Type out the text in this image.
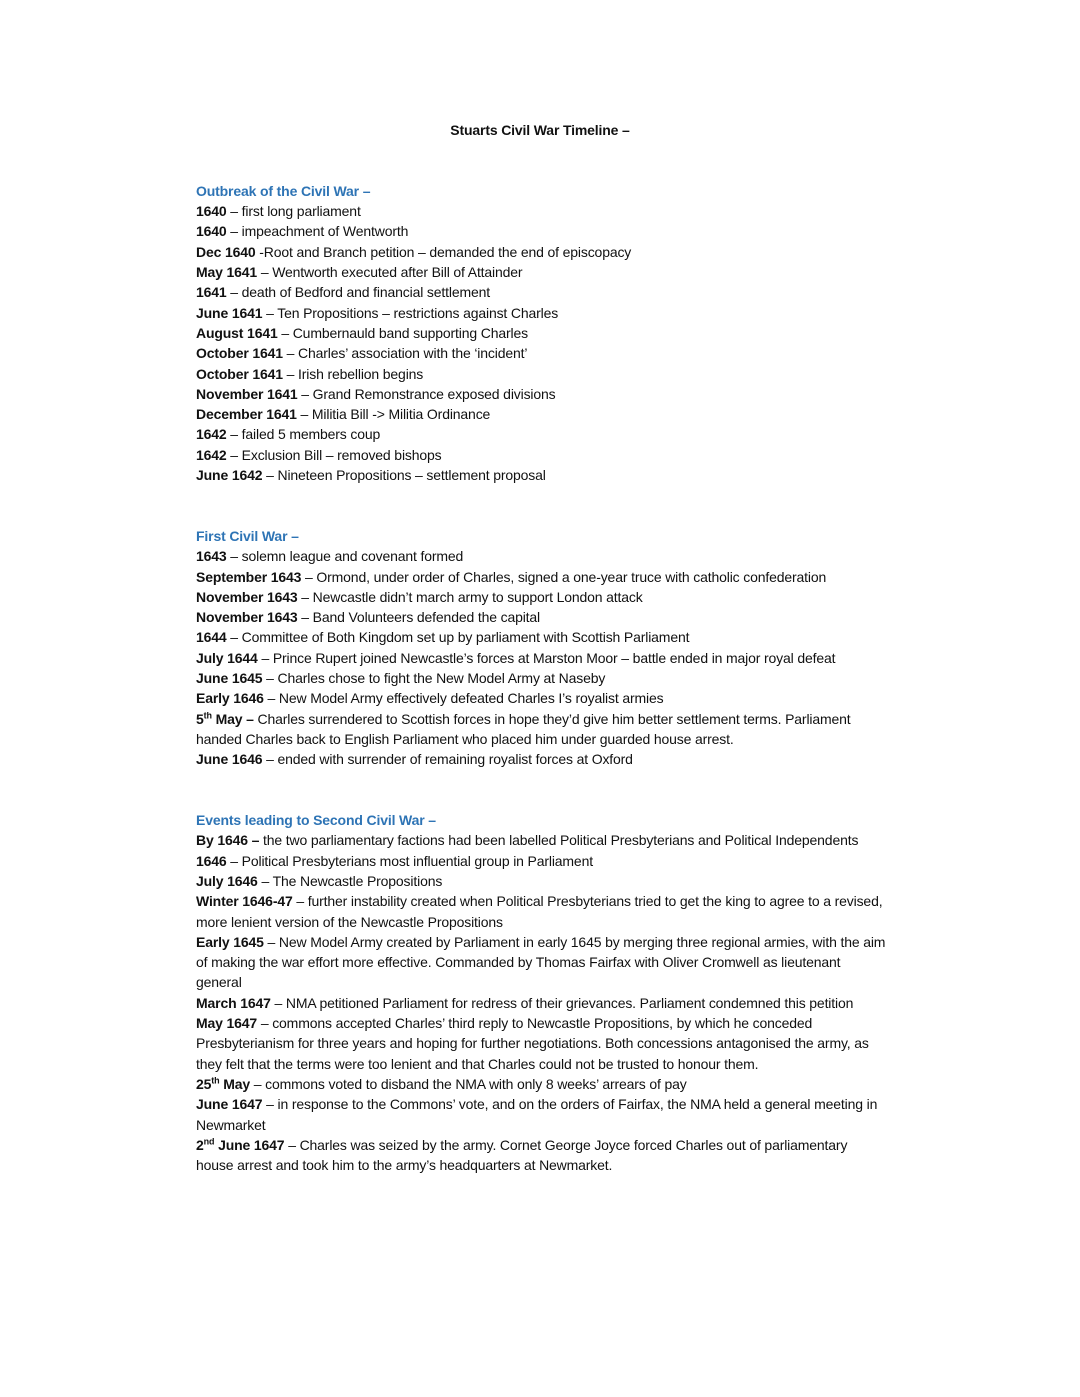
Stuarts Civil War Timeline –
Outbreak of the Civil War –
1640 – first long parliament
1640 – impeachment of Wentworth
Dec 1640 -Root and Branch petition – demanded the end of episcopacy
May 1641 – Wentworth executed after Bill of Attainder
1641 – death of Bedford and financial settlement
June 1641 – Ten Propositions – restrictions against Charles
August 1641 – Cumbernauld band supporting Charles
October 1641 – Charles’ association with the ‘incident’
October 1641 – Irish rebellion begins
November 1641 – Grand Remonstrance exposed divisions
December 1641 – Militia Bill -> Militia Ordinance
1642 – failed 5 members coup
1642 – Exclusion Bill – removed bishops
June 1642 – Nineteen Propositions – settlement proposal
First Civil War –
1643 – solemn league and covenant formed
September 1643 – Ormond, under order of Charles, signed a one-year truce with catholic confederation
November 1643 – Newcastle didn’t march army to support London attack
November 1643 – Band Volunteers defended the capital
1644 – Committee of Both Kingdom set up by parliament with Scottish Parliament
July 1644 – Prince Rupert joined Newcastle’s forces at Marston Moor – battle ended in major royal defeat
June 1645 – Charles chose to fight the New Model Army at Naseby
Early 1646 – New Model Army effectively defeated Charles I’s royalist armies
5th May – Charles surrendered to Scottish forces in hope they’d give him better settlement terms. Parliament handed Charles back to English Parliament who placed him under guarded house arrest.
June 1646 – ended with surrender of remaining royalist forces at Oxford
Events leading to Second Civil War –
By 1646 – the two parliamentary factions had been labelled Political Presbyterians and Political Independents
1646 – Political Presbyterians most influential group in Parliament
July 1646 – The Newcastle Propositions
Winter 1646-47 – further instability created when Political Presbyterians tried to get the king to agree to a revised, more lenient version of the Newcastle Propositions
Early 1645 – New Model Army created by Parliament in early 1645 by merging three regional armies, with the aim of making the war effort more effective. Commanded by Thomas Fairfax with Oliver Cromwell as lieutenant general
March 1647 – NMA petitioned Parliament for redress of their grievances. Parliament condemned this petition
May 1647 – commons accepted Charles’ third reply to Newcastle Propositions, by which he conceded Presbyterianism for three years and hoping for further negotiations. Both concessions antagonised the army, as they felt that the terms were too lenient and that Charles could not be trusted to honour them.
25th May – commons voted to disband the NMA with only 8 weeks’ arrears of pay
June 1647 – in response to the Commons’ vote, and on the orders of Fairfax, the NMA held a general meeting in Newmarket
2nd June 1647 – Charles was seized by the army. Cornet George Joyce forced Charles out of parliamentary house arrest and took him to the army’s headquarters at Newmarket.
